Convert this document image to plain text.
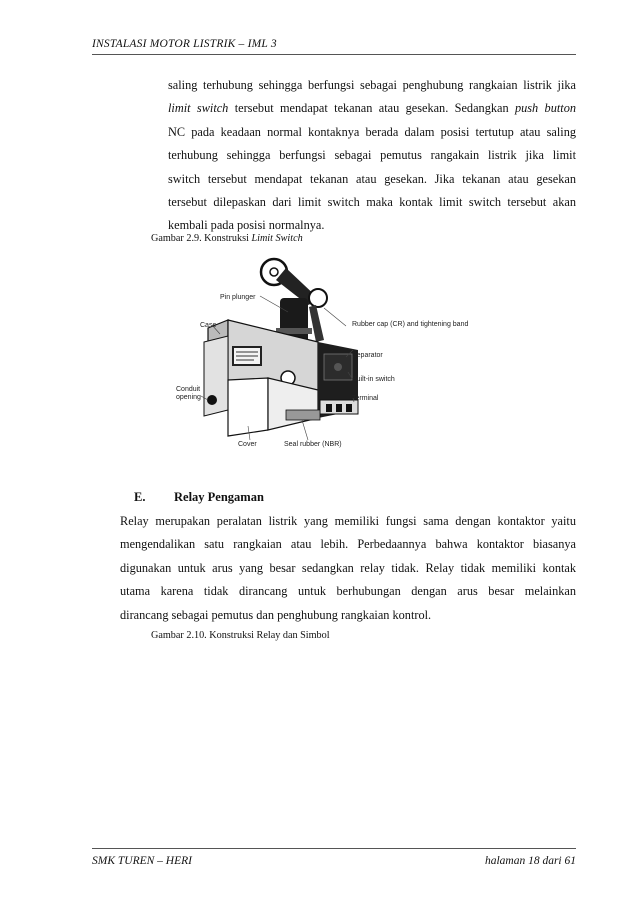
INSTALASI MOTOR LISTRIK – IML 3
saling terhubung sehingga berfungsi sebagai penghubung rangkaian listrik jika
limit switch tersebut mendapat tekanan atau gesekan. Sedangkan push button
NC pada keadaan normal kontaknya berada dalam posisi tertutup atau saling
terhubung sehingga berfungsi sebagai pemutus rangakain listrik jika limit
switch tersebut mendapat tekanan atau gesekan. Jika tekanan atau gesekan
tersebut dilepaskan dari limit switch maka kontak limit switch tersebut akan
kembali pada posisi normalnya.
Gambar 2.9. Konstruksi Limit Switch
Pin plunger
Case	Rubber cap (CR) and tightening band
Separator
Built-in switch
Conduit
opening	Terminal
Cover	Seal rubber (NBR)
E. Relay Pengaman
Relay merupakan peralatan listrik yang memiliki fungsi sama dengan kontaktor yaitu
mengendalikan satu rangkaian atau lebih. Perbedaannya bahwa kontaktor biasanya
digunakan untuk arus yang besar sedangkan relay tidak. Relay tidak memiliki kontak
utama karena tidak dirancang untuk berhubungan dengan arus besar melainkan
dirancang sebagai pemutus dan penghubung rangkaian kontrol.
Gambar 2.10. Konstruksi Relay dan Simbol
SMK TUREN – HERI	halaman 18 dari 61
